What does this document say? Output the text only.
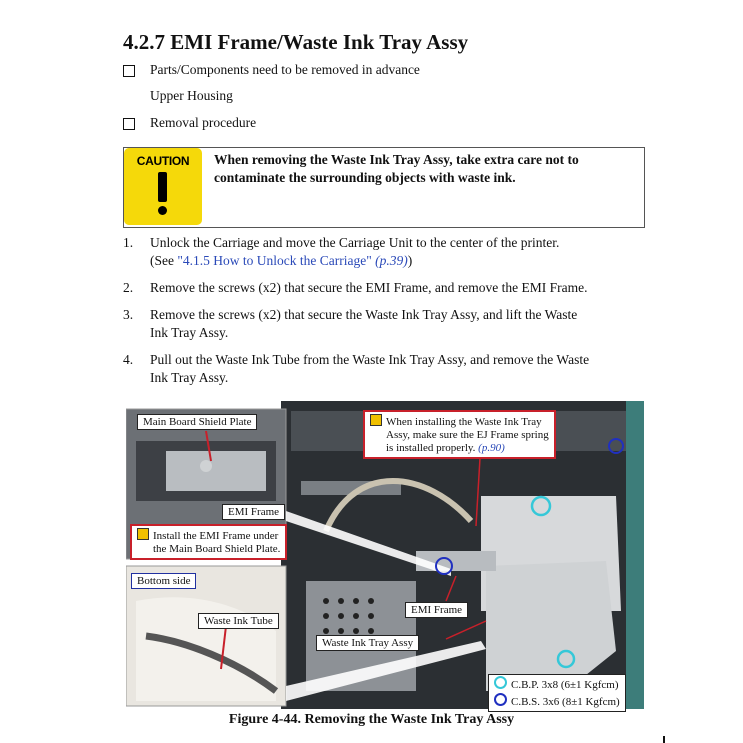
4.2.7 EMI Frame/Waste Ink Tray Assy
Parts/Components need to be removed in advance
Upper Housing
Removal procedure
CAUTION	When removing the Waste Ink Tray Assy, take extra care not to
contaminate the surrounding objects with waste ink.
1. Unlock the Carriage and move the Carriage Unit to the center of the printer.
(See "4.1.5 How to Unlock the Carriage" (p.39))
2. Remove the screws (x2) that secure the EMI Frame, and remove the EMI Frame.
3. Remove the screws (x2) that secure the Waste Ink Tray Assy, and lift the Waste
Ink Tray Assy.
4. Pull out the Waste Ink Tube from the Waste Ink Tray Assy, and remove the Waste
Ink Tray Assy.
Main Board Shield Plate
EMI Frame
Install the EMI Frame under
the Main Board Shield Plate.
Bottom side
Waste Ink Tube
When installing the Waste Ink Tray
Assy, make sure the EJ Frame spring
is installed properly. (p.90)
EMI Frame
Waste Ink Tray Assy
C.B.P. 3x8 (6±1 Kgfcm)
C.B.S. 3x6 (8±1 Kgfcm)
Figure 4-44. Removing the Waste Ink Tray Assy
